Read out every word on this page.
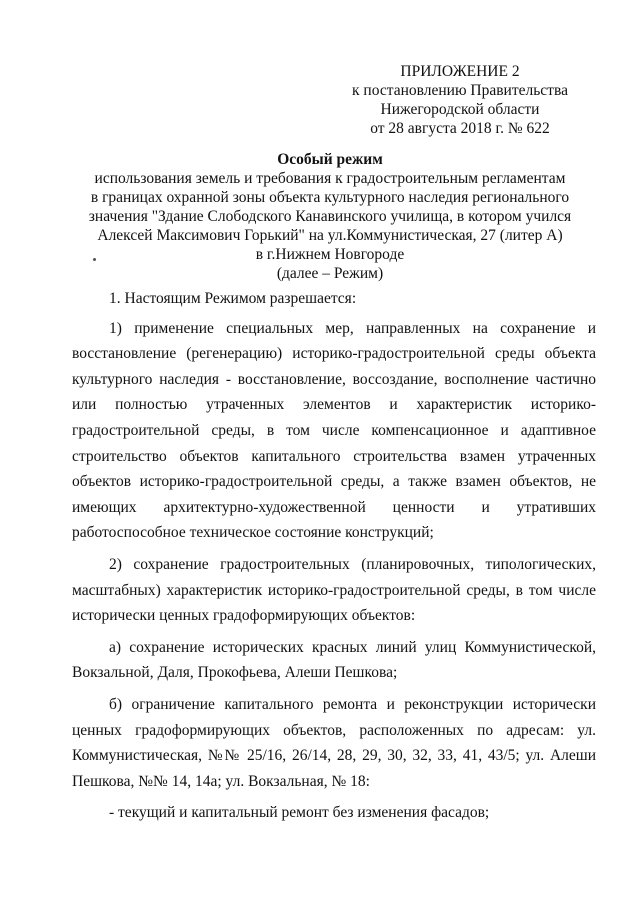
ПРИЛОЖЕНИЕ 2
к постановлению Правительства
Нижегородской области
от 28 августа 2018 г. № 622
Особый режим
использования земель и требования к градостроительным регламентам
в границах охранной зоны объекта культурного наследия регионального
значения "Здание Слободского Канавинского училища, в котором учился
Алексей Максимович Горький" на ул.Коммунистическая, 27 (литер А)
в г.Нижнем Новгороде
(далее – Режим)

1. Настоящим Режимом разрешается:

1) применение специальных мер, направленных на сохранение и восстановление (регенерацию) историко-градостроительной среды объекта культурного наследия - восстановление, воссоздание, восполнение частично или полностью утраченных элементов и характеристик историко-градостроительной среды, в том числе компенсационное и адаптивное строительство объектов капитального строительства взамен утраченных объектов историко-градостроительной среды, а также взамен объектов, не имеющих архитектурно-художественной ценности и утративших работоспособное техническое состояние конструкций;

2) сохранение градостроительных (планировочных, типологических, масштабных) характеристик историко-градостроительной среды, в том числе исторически ценных градоформирующих объектов:

а) сохранение исторических красных линий улиц Коммунистической, Вокзальной, Даля, Прокофьева, Алеши Пешкова;

б) ограничение капитального ремонта и реконструкции исторически ценных градоформирующих объектов, расположенных по адресам: ул. Коммунистическая, №№ 25/16, 26/14, 28, 29, 30, 32, 33, 41, 43/5; ул. Алеши Пешкова, №№ 14, 14а; ул. Вокзальная, № 18:

- текущий и капитальный ремонт без изменения фасадов;
